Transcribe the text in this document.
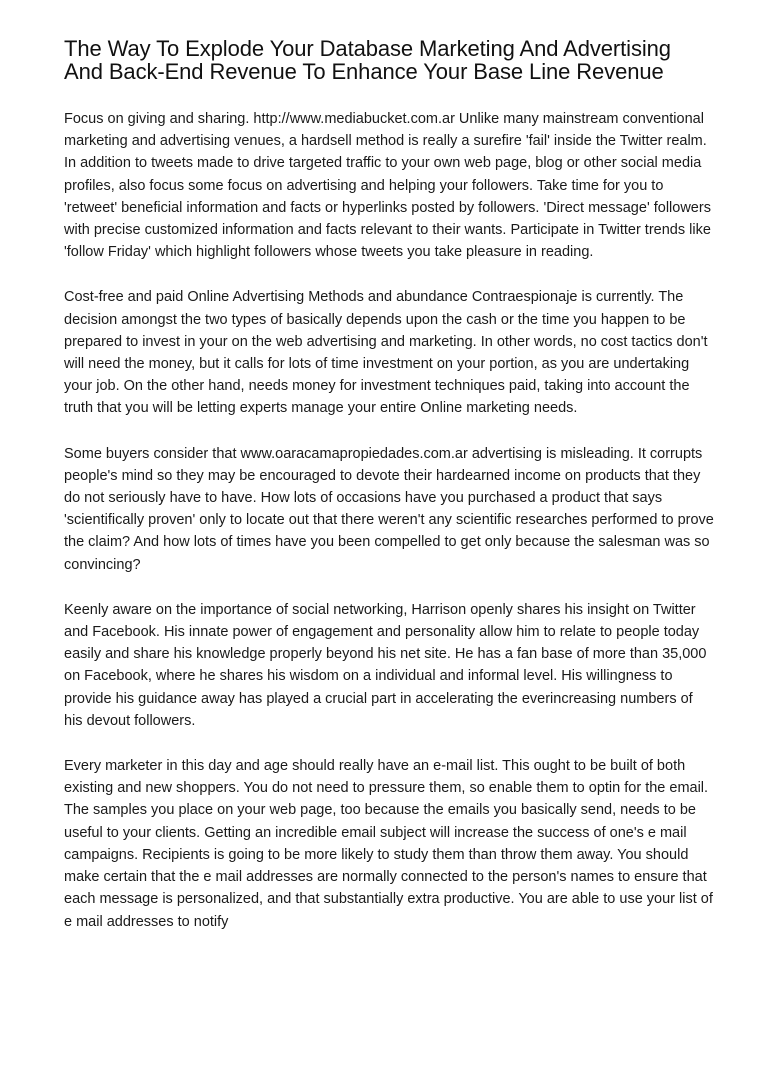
The Way To Explode Your Database Marketing And Advertising And Back-End Revenue To Enhance Your Base Line Revenue

Focus on giving and sharing. http://www.mediabucket.com.ar Unlike many mainstream conventional marketing and advertising venues, a hardsell method is really a surefire 'fail' inside the Twitter realm. In addition to tweets made to drive targeted traffic to your own web page, blog or other social media profiles, also focus some focus on advertising and helping your followers. Take time for you to 'retweet' beneficial information and facts or hyperlinks posted by followers. 'Direct message' followers with precise customized information and facts relevant to their wants. Participate in Twitter trends like 'follow Friday' which highlight followers whose tweets you take pleasure in reading.

Cost-free and paid Online Advertising Methods and abundance Contraespionaje is currently. The decision amongst the two types of basically depends upon the cash or the time you happen to be prepared to invest in your on the web advertising and marketing. In other words, no cost tactics don't will need the money, but it calls for lots of time investment on your portion, as you are undertaking your job. On the other hand, needs money for investment techniques paid, taking into account the truth that you will be letting experts manage your entire Online marketing needs.

Some buyers consider that www.oaracamapropiedades.com.ar advertising is misleading. It corrupts people's mind so they may be encouraged to devote their hardearned income on products that they do not seriously have to have. How lots of occasions have you purchased a product that says 'scientifically proven' only to locate out that there weren't any scientific researches performed to prove the claim? And how lots of times have you been compelled to get only because the salesman was so convincing?

Keenly aware on the importance of social networking, Harrison openly shares his insight on Twitter and Facebook. His innate power of engagement and personality allow him to relate to people today easily and share his knowledge properly beyond his net site. He has a fan base of more than 35,000 on Facebook, where he shares his wisdom on a individual and informal level. His willingness to provide his guidance away has played a crucial part in accelerating the everincreasing numbers of his devout followers.

Every marketer in this day and age should really have an e-mail list. This ought to be built of both existing and new shoppers. You do not need to pressure them, so enable them to optin for the email. The samples you place on your web page, too because the emails you basically send, needs to be useful to your clients. Getting an incredible email subject will increase the success of one's e mail campaigns. Recipients is going to be more likely to study them than throw them away. You should make certain that the e mail addresses are normally connected to the person's names to ensure that each message is personalized, and that substantially extra productive. You are able to use your list of e mail addresses to notify
